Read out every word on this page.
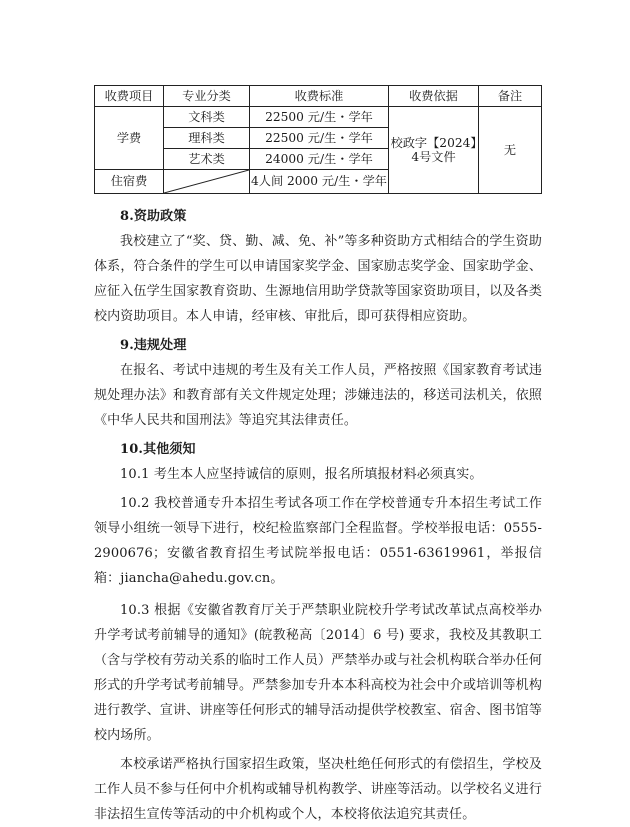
收费项目	专业分类	收费标准	收费依据	备注
学费	文科类	22500 元/生・学年	校政字【2024】4号文件	无
	理科类	22500 元/生・学年		
	艺术类	24000 元/生・学年		
住宿费		4人间 2000 元/生・学年		
8.资助政策

我校建立了“奖、贷、勤、减、免、补”等多种资助方式相结合的学生资助体系，符合条件的学生可以申请国家奖学金、国家励志奖学金、国家助学金、应征入伍学生国家教育资助、生源地信用助学贷款等国家资助项目，以及各类校内资助项目。本人申请，经审核、审批后，即可获得相应资助。

9.违规处理

在报名、考试中违规的考生及有关工作人员，严格按照《国家教育考试违规处理办法》和教育部有关文件规定处理；涉嫌违法的，移送司法机关，依照《中华人民共和国刑法》等追究其法律责任。

10.其他须知

10.1 考生本人应坚持诚信的原则，报名所填报材料必须真实。

10.2 我校普通专升本招生考试各项工作在学校普通专升本招生考试工作领导小组统一领导下进行，校纪检监察部门全程监督。学校举报电话：0555-2900676；安徽省教育招生考试院举报电话：0551-63619961，举报信箱：jiancha@ahedu.gov.cn。

10.3 根据《安徽省教育厅关于严禁职业院校升学考试改革试点高校举办升学考试考前辅导的通知》(皖教秘高〔2014〕6 号) 要求，我校及其教职工（含与学校有劳动关系的临时工作人员）严禁举办或与社会机构联合举办任何形式的升学考试考前辅导。严禁参加专升本本科高校为社会中介或培训等机构进行教学、宣讲、讲座等任何形式的辅导活动提供学校教室、宿舍、图书馆等校内场所。

本校承诺严格执行国家招生政策，坚决杜绝任何形式的有偿招生，学校及工作人员不参与任何中介机构或辅导机构教学、讲座等活动。以学校名义进行非法招生宣传等活动的中介机构或个人，本校将依法追究其责任。
